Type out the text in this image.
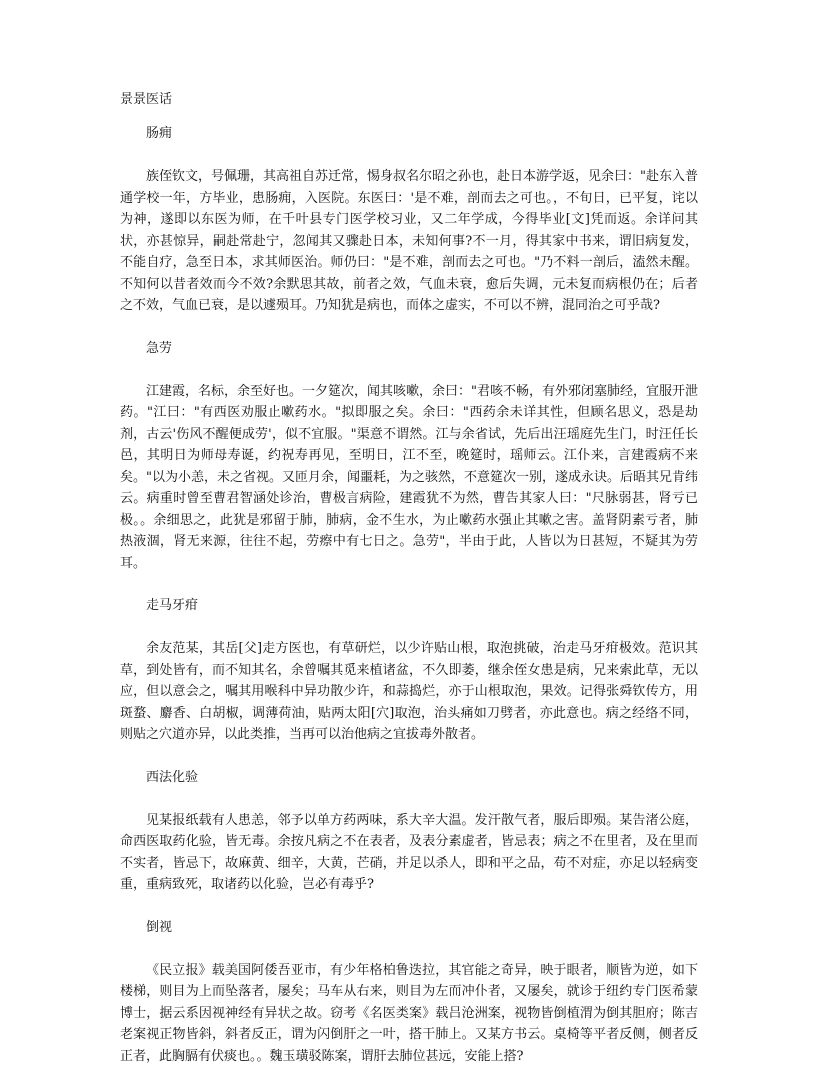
景景医话
肠痈

族侄钦文，号佩珊，其高祖自苏迁常，惕身叔名尔昭之孙也，赴日本游学返，见余曰："赴东入普通学校一年，方毕业，患肠痈，入医院。东医曰：'是不难，剖而去之可也。，不旬日，已平复，诧以为神，遂即以东医为师，在千叶县专门医学校习业，又二年学成，今得毕业[文]凭而返。余详问其状，亦甚惊异，嗣赴常赴宁，忽闻其又骤赴日本，未知何事?不一月，得其家中书来，谓旧病复发，不能自疗，急至日本，求其师医治。师仍曰："是不难，剖而去之可也。"乃不料一剖后，溘然未醒。不知何以昔者效而今不效?余默思其故，前者之效，气血未衰，愈后失调，元未复而病根仍在；后者之不效，气血已衰，是以遽殒耳。乃知犹是病也，而体之虚实，不可以不辨，混同治之可乎哉?

急劳

江建霞，名标，余至好也。一夕筵次，闻其咳嗽，余曰："君咳不畅，有外邪闭塞肺经，宜服开泄药。"江曰："有西医劝服止嗽药水。"拟即服之矣。余曰："西药余未详其性，但顾名思义，恐是劫剂，古云'伤风不醒便成劳'，似不宜服。"渠意不谓然。江与余省试，先后出汪瑶庭先生门，时汪任长邑，其明日为师母寿诞，约祝寿再见，至明日，江不至，晚筵时，瑶师云。江仆来，言建霞病不来矣。"以为小恙，未之省视。又匝月余，闻噩耗，为之骇然，不意筵次一别，遂成永诀。后晤其兄肯纬云。病重时曾至曹君智涵处诊治，曹极言病险，建霞犹不为然，曹告其家人曰："尺脉弱甚，肾亏已极。。余细思之，此犹是邪留于肺，肺病，金不生水，为止嗽药水强止其嗽之害。盖肾阴素亏者，肺热液涸，肾无来源，往往不起，劳瘵中有七日之。急劳"，半由于此，人皆以为日甚短，不疑其为劳耳。

走马牙疳

余友范某，其岳[父]走方医也，有草研烂，以少许贴山根，取泡挑破，治走马牙疳极效。范识其草，到处皆有，而不知其名，余曾嘱其觅来植诸盆，不久即萎，继余侄女患是病，兄来索此草，无以应，但以意会之，嘱其用喉科中异功散少许，和蒜捣烂，亦于山根取泡，果效。记得张舜钦传方，用斑蝥、麝香、白胡椒，调薄荷油，贴两太阳[穴]取泡，治头痛如刀劈者，亦此意也。病之经络不同，则贴之穴道亦异，以此类推，当再可以治他病之宜拔毒外散者。

西法化验

见某报纸载有人患恙，邻予以单方药两味，系大辛大温。发汗散气者，服后即殒。某告渚公庭，命西医取药化验，皆无毒。余按凡病之不在表者，及表分素虚者，皆忌表；病之不在里者，及在里而不实者，皆忌下，故麻黄、细辛，大黄，芒硝，并足以杀人，即和平之品，苟不对症，亦足以轻病变重，重病致死，取诸药以化验，岂必有毒乎?

倒视

《民立报》载美国阿倭吾亚市，有少年格柏鲁迭拉，其官能之奇异，映于眼者，顺皆为逆，如下楼梯，则目为上而坠落者，屡矣；马车从右来，则目为左而冲仆者，又屡矣，就诊于纽约专门医希蒙博士，据云系因视神经有异状之故。窃考《名医类案》载吕沧洲案，视物皆倒植渭为倒其胆府；陈吉老案视正物皆斜，斜者反正，谓为闪倒肝之一叶，搭干肺上。又某方书云。桌椅等平者反侧，侧者反正者，此胸膈有伏痰也。。魏玉璜驳陈案，谓肝去肺位甚远，安能上搭?
